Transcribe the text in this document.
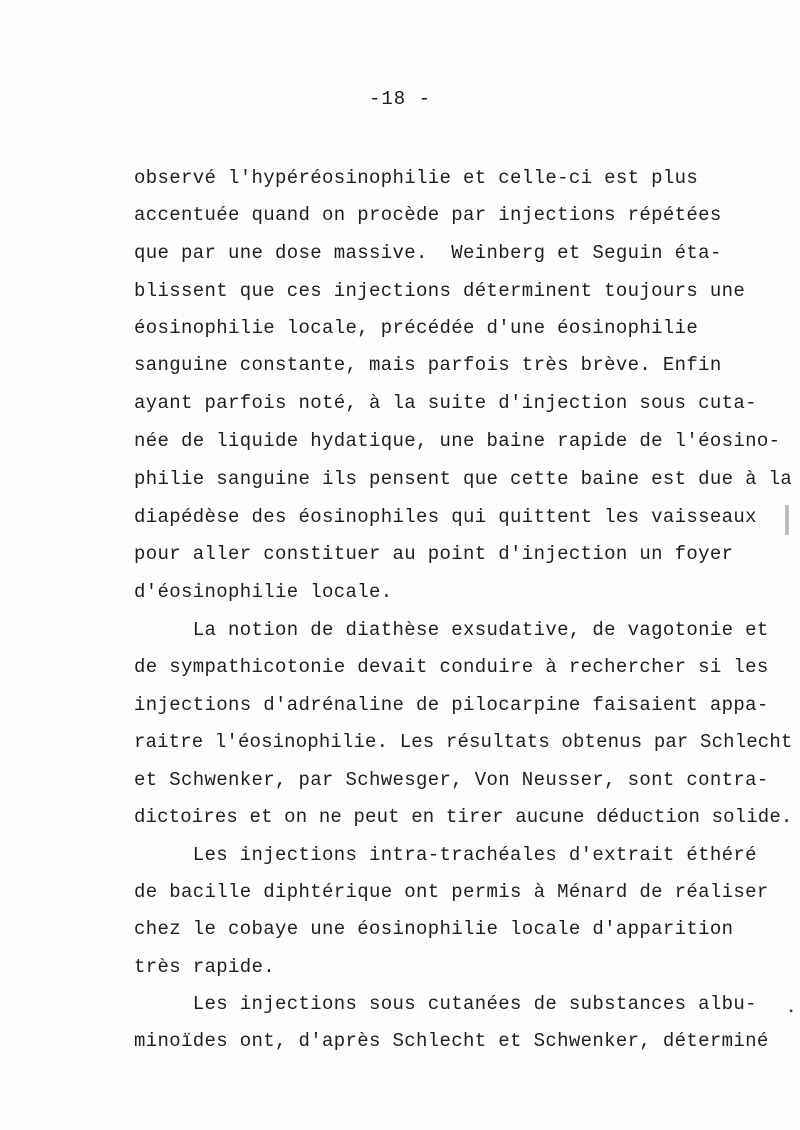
-18 -
observé l'hypéréosinophilie et celle-ci est plus
accentuée quand on procède par injections répétées
que par une dose massive.  Weinberg et Seguin éta-
blissent que ces injections déterminent toujours une
éosinophilie locale, précédée d'une éosinophilie
sanguine constante, mais parfois très brève. Enfin
ayant parfois noté, à la suite d'injection sous cuta-
née de liquide hydatique, une baine rapide de l'éosino-
philie sanguine ils pensent que cette baine est due à la
diapédèse des éosinophiles qui quittent les vaisseaux
pour aller constituer au point d'injection un foyer
d'éosinophilie locale.
La notion de diathèse exsudative, de vagotonie et
de sympathicotonie devait conduire à rechercher si les
injections d'adrénaline de pilocarpine faisaient appa-
raitre l'éosinophilie. Les résultats obtenus par Schlecht
et Schwenker, par Schwesger, Von Neusser, sont contra-
dictoires et on ne peut en tirer aucune déduction solide.
Les injections intra-trachéales d'extrait éthéré
de bacille diphtérique ont permis à Ménard de réaliser
chez le cobaye une éosinophilie locale d'apparition
très rapide.
Les injections sous cutanées de substances albu-
minoïdes ont, d'après Schlecht et Schwenker, déterminé
▪
